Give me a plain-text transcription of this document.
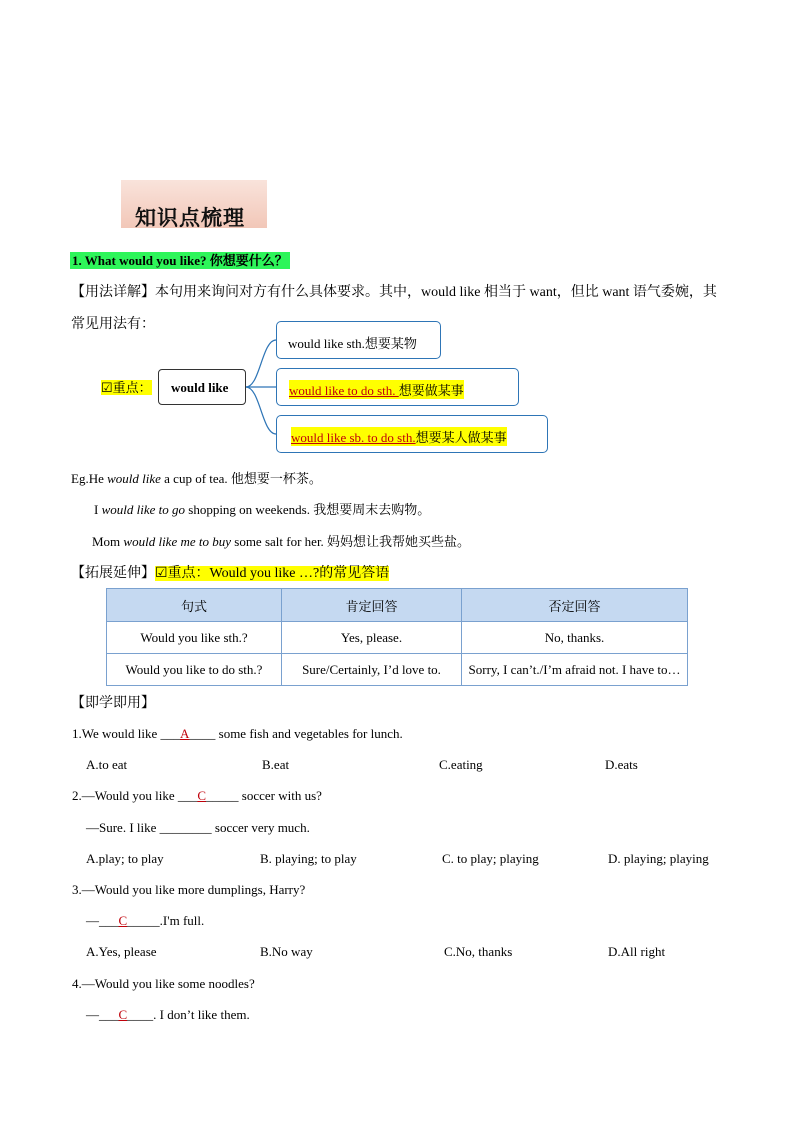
知识点梳理
1. What would you like? 你想要什么？
【用法详解】本句用来询问对方有什么具体要求。其中，would like 相当于 want，但比 want 语气委婉，其
常见用法有：
☑重点： would like
would like sth.想要某物
would like to do sth. 想要做某事
would like sb. to do sth.想要某人做某事
Eg.He would like a cup of tea. 他想要一杯茶。
I would like to go shopping on weekends. 我想要周末去购物。
Mom would like me to buy some salt for her. 妈妈想让我帮她买些盐。
【拓展延伸】☑重点：Would you like …?的常见答语
句式	肯定回答	否定回答
Would you like sth.?	Yes, please.	No, thanks.
Would you like to do sth.?	Sure/Certainly, I’d love to.	Sorry, I can’t./I’m afraid not. I have to…
【即学即用】
1.We would like ___A____ some fish and vegetables for lunch.
A.to eat	B.eat	C.eating	D.eats
2.—Would you like ___C_____ soccer with us?
—Sure. I like ________ soccer very much.
A.play; to play	B. playing; to play	C. to play; playing	D. playing; playing
3.—Would you like more dumplings, Harry?
—___C_____.I'm full.
A.Yes, please	B.No way	C.No, thanks	D.All right
4.—Would you like some noodles?
—___C____. I don’t like them.
